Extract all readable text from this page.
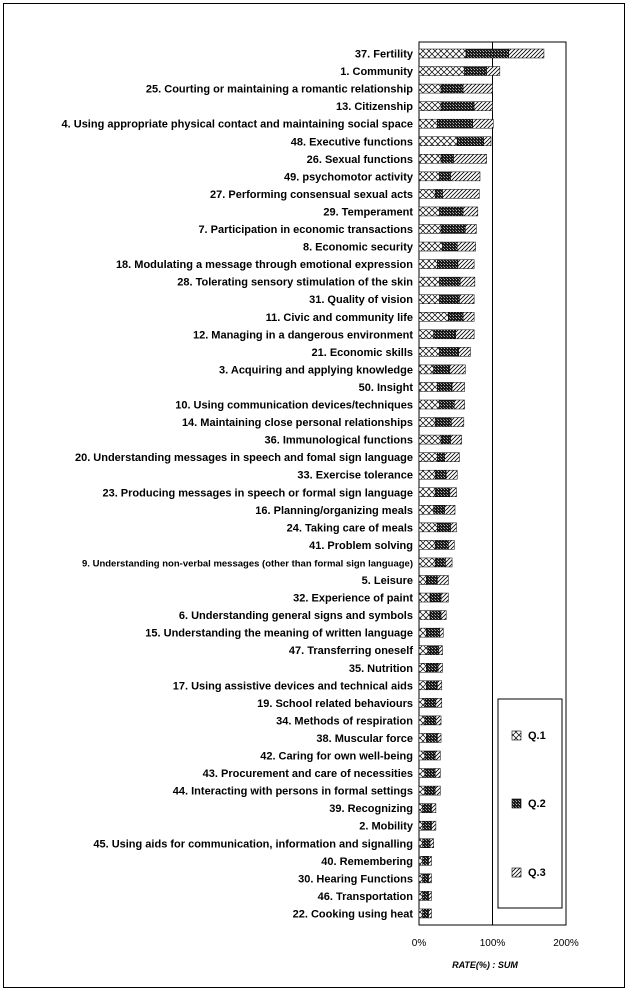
37. Fertility
1. Community
25. Courting or maintaining a romantic relationship
13. Citizenship
4. Using appropriate physical contact and maintaining social space
48. Executive functions
26. Sexual functions
49. psychomotor activity
27. Performing consensual sexual acts
29. Temperament
7. Participation in economic transactions
8. Economic security
18. Modulating a message through emotional expression
28. Tolerating sensory stimulation of the skin
31. Quality of vision
11. Civic and community life
12. Managing in a dangerous environment
21. Economic skills
3. Acquiring and applying knowledge
50. Insight
10. Using communication devices/techniques
14. Maintaining close personal relationships
36. Immunological functions
20. Understanding messages in speech and fomal sign language
33. Exercise tolerance
23. Producing messages in speech or formal sign language
16. Planning/organizing meals
24. Taking care of meals
41. Problem solving
9. Understanding non-verbal messages (other than formal sign language)
5. Leisure
32. Experience of paint
6. Understanding general signs and symbols
15. Understanding the meaning of written language
47. Transferring oneself
35. Nutrition
17. Using assistive devices and technical aids
19. School related behaviours
34. Methods of respiration
38. Muscular force
42. Caring for own well-being
43. Procurement and care of necessities
44. Interacting with persons in formal settings
39. Recognizing
2. Mobility
45. Using aids for communication, information and signalling
40. Remembering
30. Hearing Functions
46. Transportation
22. Cooking using heat
0%	100%	200%
RATE(%) : SUM
Q.1
Q.2
Q.3
